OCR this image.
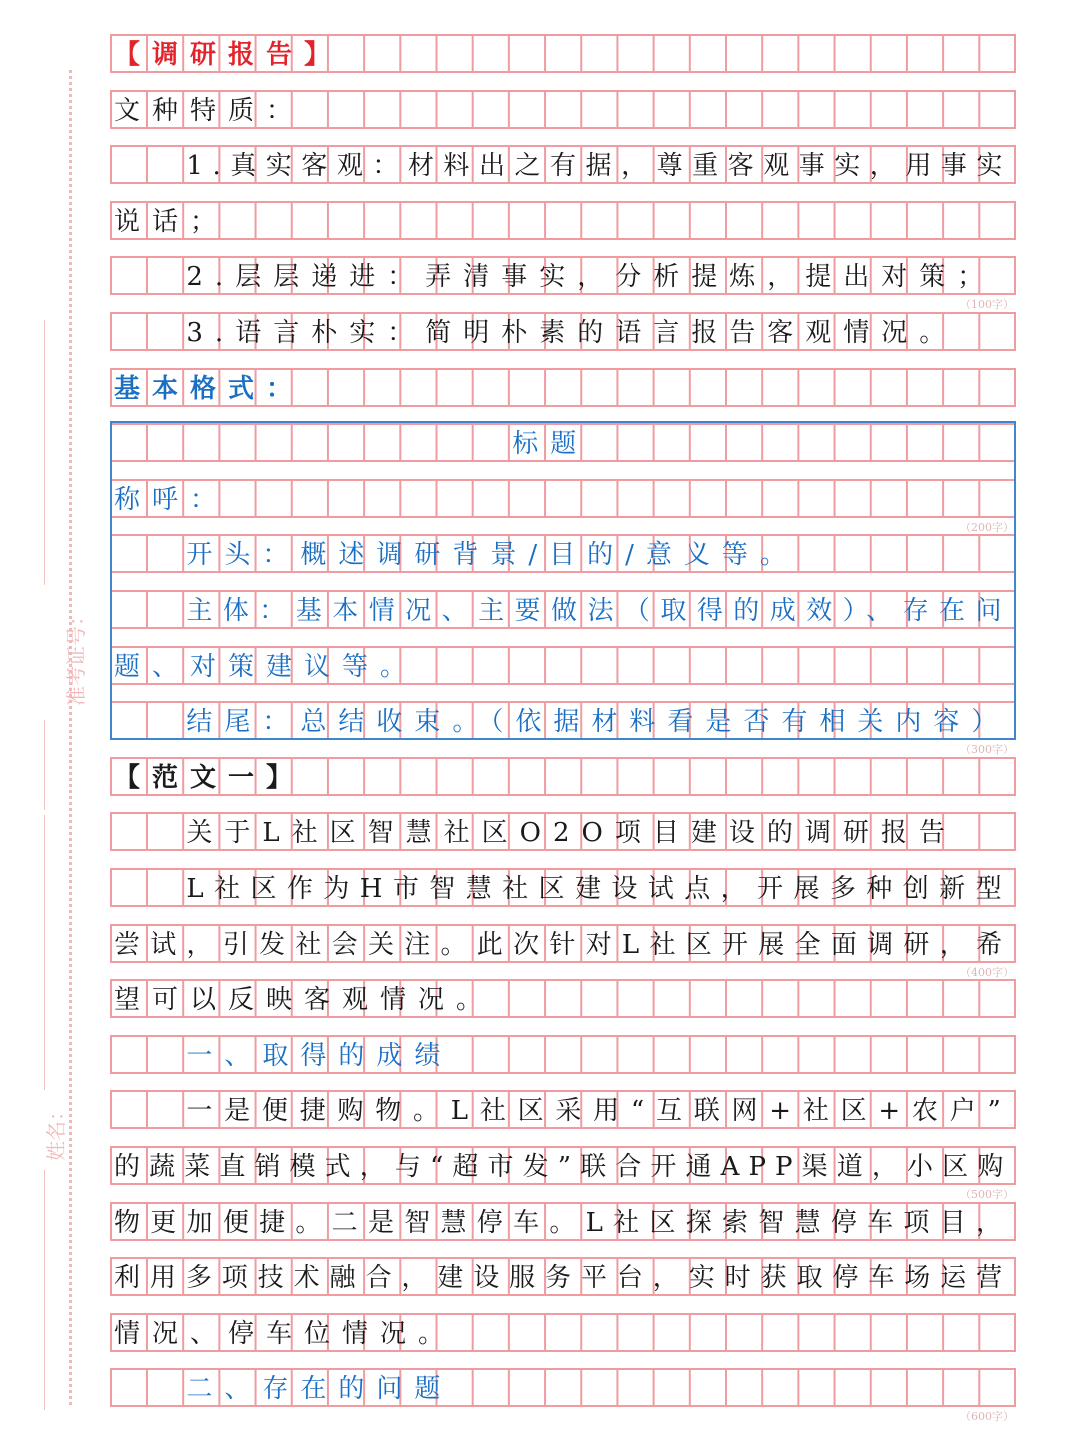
准考证号：
姓名：
【调研报告】
文种特质：
1.真实客观：材料出之有据，尊重客观事实，用事实
说话；
2.层层递进：弄清事实，分析提炼，提出对策；
3.语言朴实：简明朴素的语言报告客观情况。
基本格式：
标题
称呼：
开头：概述调研背景/目的/意义等。
主体：基本情况、主要做法（取得的成效）、存在问
题、对策建议等。
结尾：总结收束。（依据材料看是否有相关内容）
【范文一】
关于L社区智慧社区O2O项目建设的调研报告
L社区作为H市智慧社区建设试点，开展多种创新型
尝试，引发社会关注。此次针对L社区开展全面调研，希
望可以反映客观情况。
一、取得的成绩
一是便捷购物。L社区采用“互联网+社区+农户”
的蔬菜直销模式，与“超市发”联合开通APP渠道，小区购
物更加便捷。二是智慧停车。L社区探索智慧停车项目，
利用多项技术融合，建设服务平台，实时获取停车场运营
情况、停车位情况。
二、存在的问题
（100字）
（200字）
（300字）
（400字）
（500字）
（600字）
